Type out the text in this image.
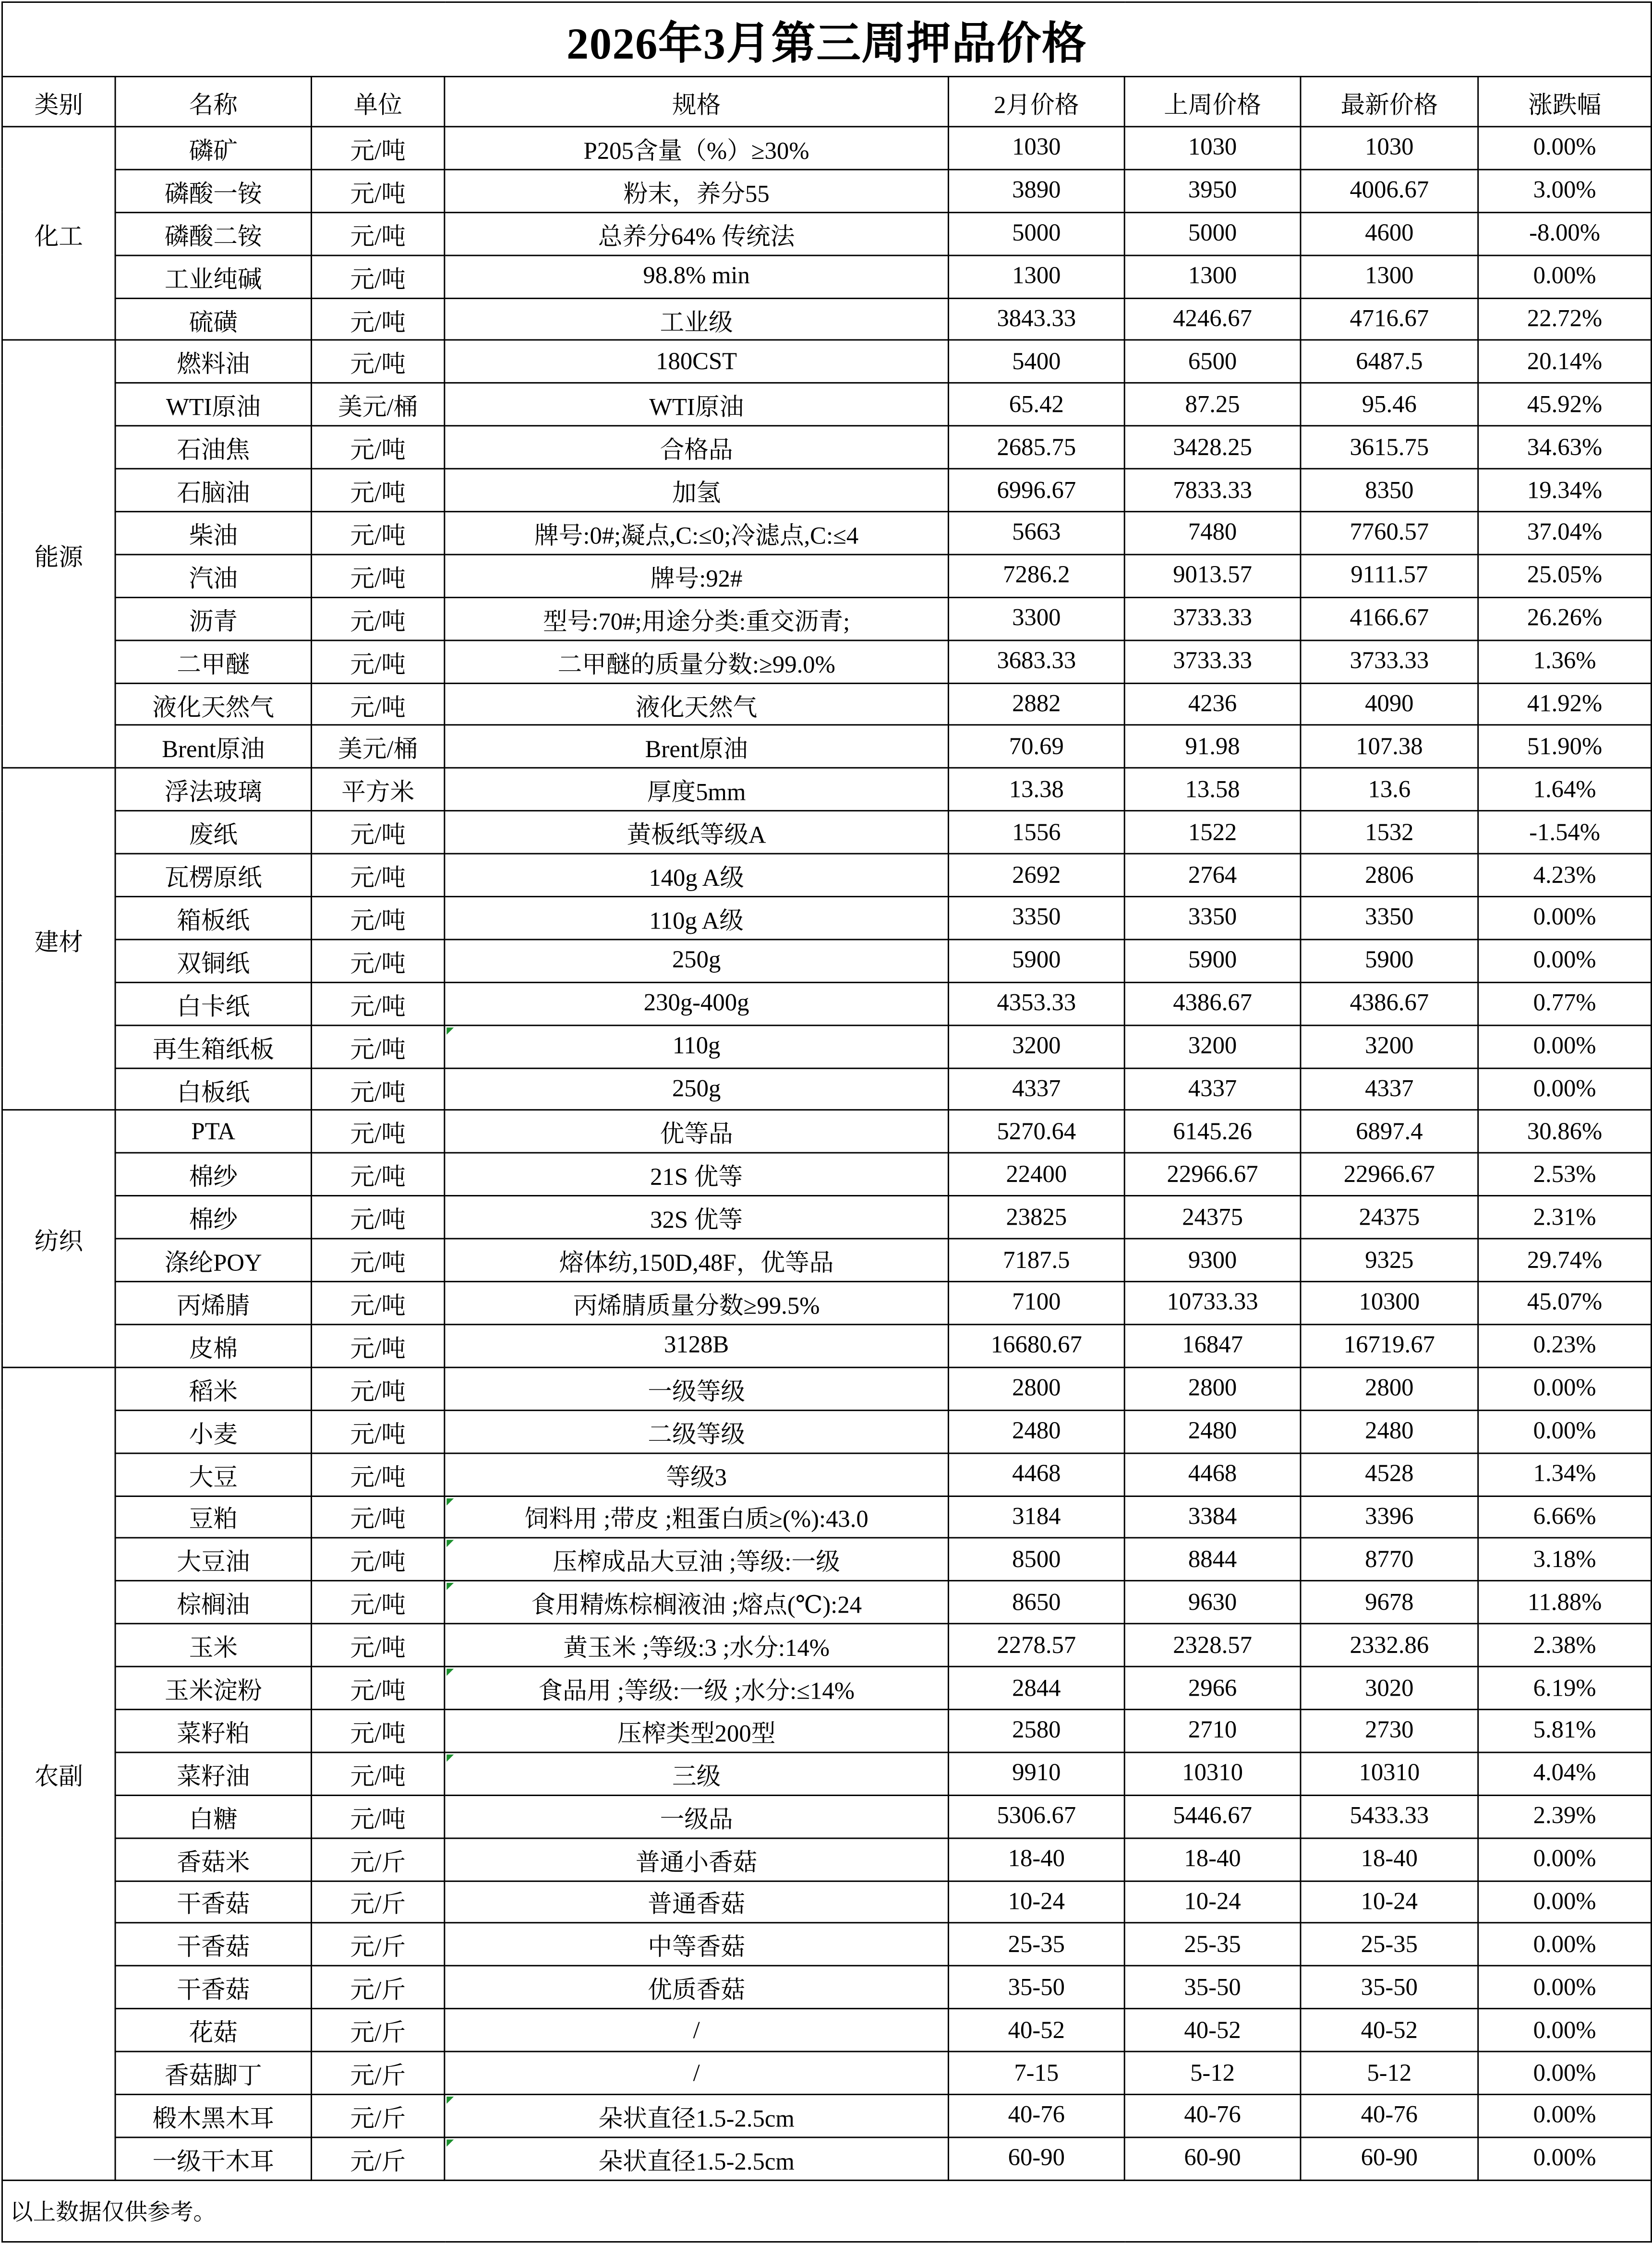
2026年3月第三周押品价格							
类别	名称	单位	规格	2月价格	上周价格	最新价格	涨跌幅
化工	磷矿	元/吨	P205含量（%）≥30%	1030	1030	1030	0.00%
	磷酸一铵	元/吨	粉末，养分55	3890	3950	4006.67	3.00%
	磷酸二铵	元/吨	总养分64% 传统法	5000	5000	4600	-8.00%
	工业纯碱	元/吨	98.8% min	1300	1300	1300	0.00%
	硫磺	元/吨	工业级	3843.33	4246.67	4716.67	22.72%
能源	燃料油	元/吨	180CST	5400	6500	6487.5	20.14%
	WTI原油	美元/桶	WTI原油	65.42	87.25	95.46	45.92%
	石油焦	元/吨	合格品	2685.75	3428.25	3615.75	34.63%
	石脑油	元/吨	加氢	6996.67	7833.33	8350	19.34%
	柴油	元/吨	牌号:0#;凝点,C:≤0;冷滤点,C:≤4	5663	7480	7760.57	37.04%
	汽油	元/吨	牌号:92#	7286.2	9013.57	9111.57	25.05%
	沥青	元/吨	型号:70#;用途分类:重交沥青;	3300	3733.33	4166.67	26.26%
	二甲醚	元/吨	二甲醚的质量分数:≥99.0%	3683.33	3733.33	3733.33	1.36%
	液化天然气	元/吨	液化天然气	2882	4236	4090	41.92%
	Brent原油	美元/桶	Brent原油	70.69	91.98	107.38	51.90%
建材	浮法玻璃	平方米	厚度5mm	13.38	13.58	13.6	1.64%
	废纸	元/吨	黄板纸等级A	1556	1522	1532	-1.54%
	瓦楞原纸	元/吨	140g A级	2692	2764	2806	4.23%
	箱板纸	元/吨	110g A级	3350	3350	3350	0.00%
	双铜纸	元/吨	250g	5900	5900	5900	0.00%
	白卡纸	元/吨	230g-400g	4353.33	4386.67	4386.67	0.77%
	再生箱纸板	元/吨	110g	3200	3200	3200	0.00%
	白板纸	元/吨	250g	4337	4337	4337	0.00%
纺织	PTA	元/吨	优等品	5270.64	6145.26	6897.4	30.86%
	棉纱	元/吨	21S 优等	22400	22966.67	22966.67	2.53%
	棉纱	元/吨	32S 优等	23825	24375	24375	2.31%
	涤纶POY	元/吨	熔体纺,150D,48F，优等品	7187.5	9300	9325	29.74%
	丙烯腈	元/吨	丙烯腈质量分数≥99.5%	7100	10733.33	10300	45.07%
	皮棉	元/吨	3128B	16680.67	16847	16719.67	0.23%
农副	稻米	元/吨	一级等级	2800	2800	2800	0.00%
	小麦	元/吨	二级等级	2480	2480	2480	0.00%
	大豆	元/吨	等级3	4468	4468	4528	1.34%
	豆粕	元/吨	饲料用 ;带皮 ;粗蛋白质≥(%):43.0	3184	3384	3396	6.66%
	大豆油	元/吨	压榨成品大豆油 ;等级:一级	8500	8844	8770	3.18%
	棕榈油	元/吨	食用精炼棕榈液油 ;熔点(℃):24	8650	9630	9678	11.88%
	玉米	元/吨	黄玉米 ;等级:3 ;水分:14%	2278.57	2328.57	2332.86	2.38%
	玉米淀粉	元/吨	食品用 ;等级:一级 ;水分:≤14%	2844	2966	3020	6.19%
	菜籽粕	元/吨	压榨类型200型	2580	2710	2730	5.81%
	菜籽油	元/吨	三级	9910	10310	10310	4.04%
	白糖	元/吨	一级品	5306.67	5446.67	5433.33	2.39%
	香菇米	元/斤	普通小香菇	18-40	18-40	18-40	0.00%
	干香菇	元/斤	普通香菇	10-24	10-24	10-24	0.00%
	干香菇	元/斤	中等香菇	25-35	25-35	25-35	0.00%
	干香菇	元/斤	优质香菇	35-50	35-50	35-50	0.00%
	花菇	元/斤	/	40-52	40-52	40-52	0.00%
	香菇脚丁	元/斤	/	7-15	5-12	5-12	0.00%
	椴木黑木耳	元/斤	朵状直径1.5-2.5cm	40-76	40-76	40-76	0.00%
	一级干木耳	元/斤	朵状直径1.5-2.5cm	60-90	60-90	60-90	0.00%
以上数据仅供参考。							
